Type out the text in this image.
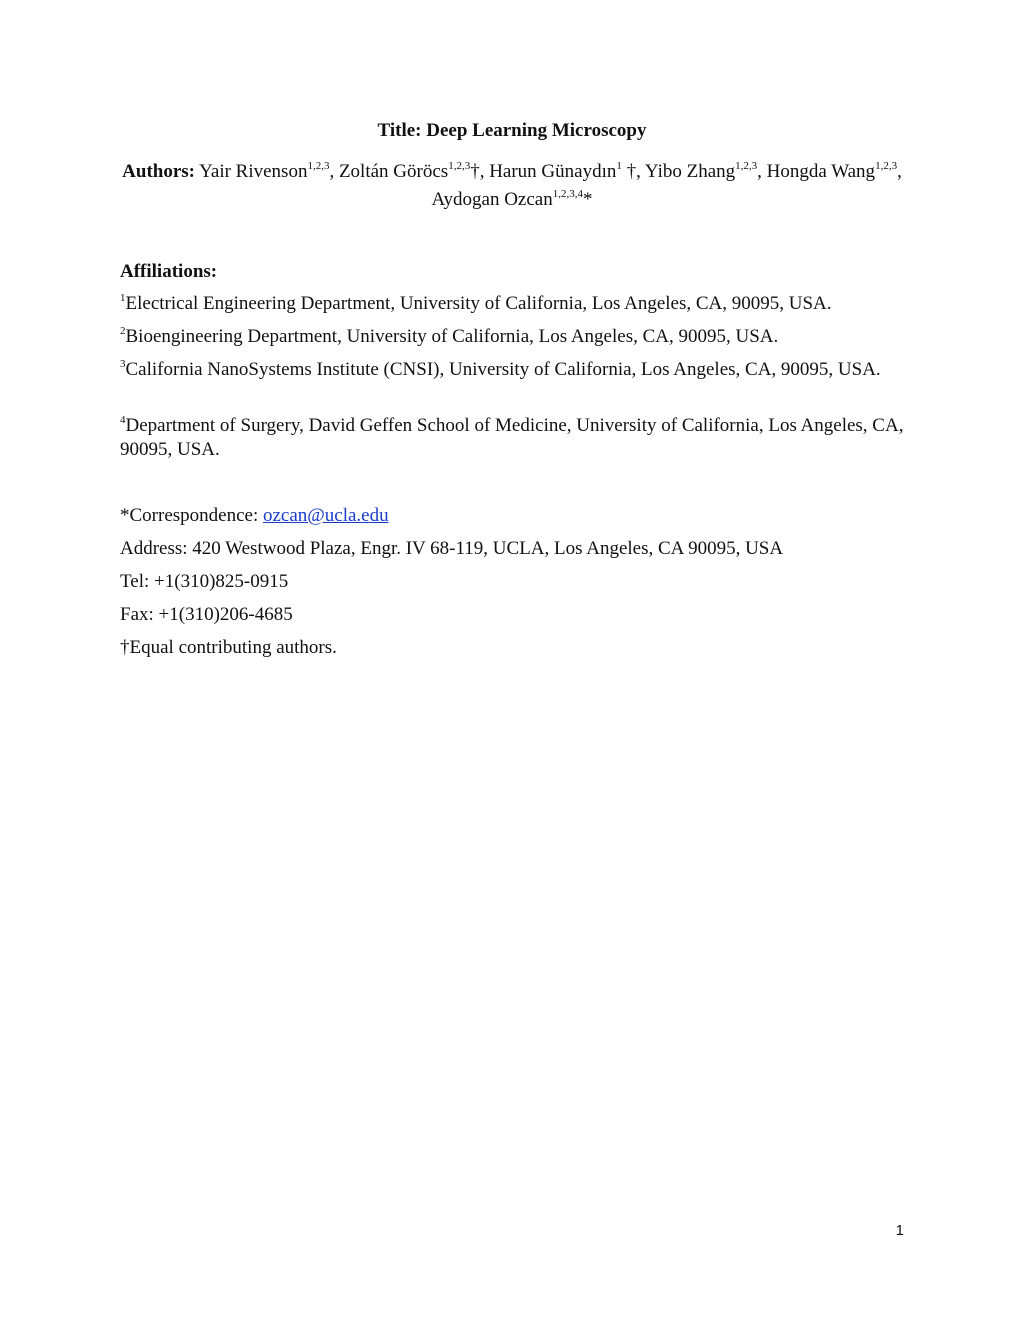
Title: Deep Learning Microscopy
Authors: Yair Rivenson$^{1,2,3}$, Zoltán Göröcs$^{1,2,3}$†, Harun Günaydın$^1$ †, Yibo Zhang$^{1,2,3}$, Hongda Wang$^{1,2,3}$, Aydogan Ozcan$^{1,2,3,4}$*
Affiliations:
$^1$Electrical Engineering Department, University of California, Los Angeles, CA, 90095, USA.
$^2$Bioengineering Department, University of California, Los Angeles, CA, 90095, USA.
$^3$California NanoSystems Institute (CNSI), University of California, Los Angeles, CA, 90095, USA.
$^4$Department of Surgery, David Geffen School of Medicine, University of California, Los Angeles, CA, 90095, USA.
*Correspondence: ozcan@ucla.edu
Address: 420 Westwood Plaza, Engr. IV 68-119, UCLA, Los Angeles, CA 90095, USA
Tel: +1(310)825-0915
Fax: +1(310)206-4685
†Equal contributing authors.
1
